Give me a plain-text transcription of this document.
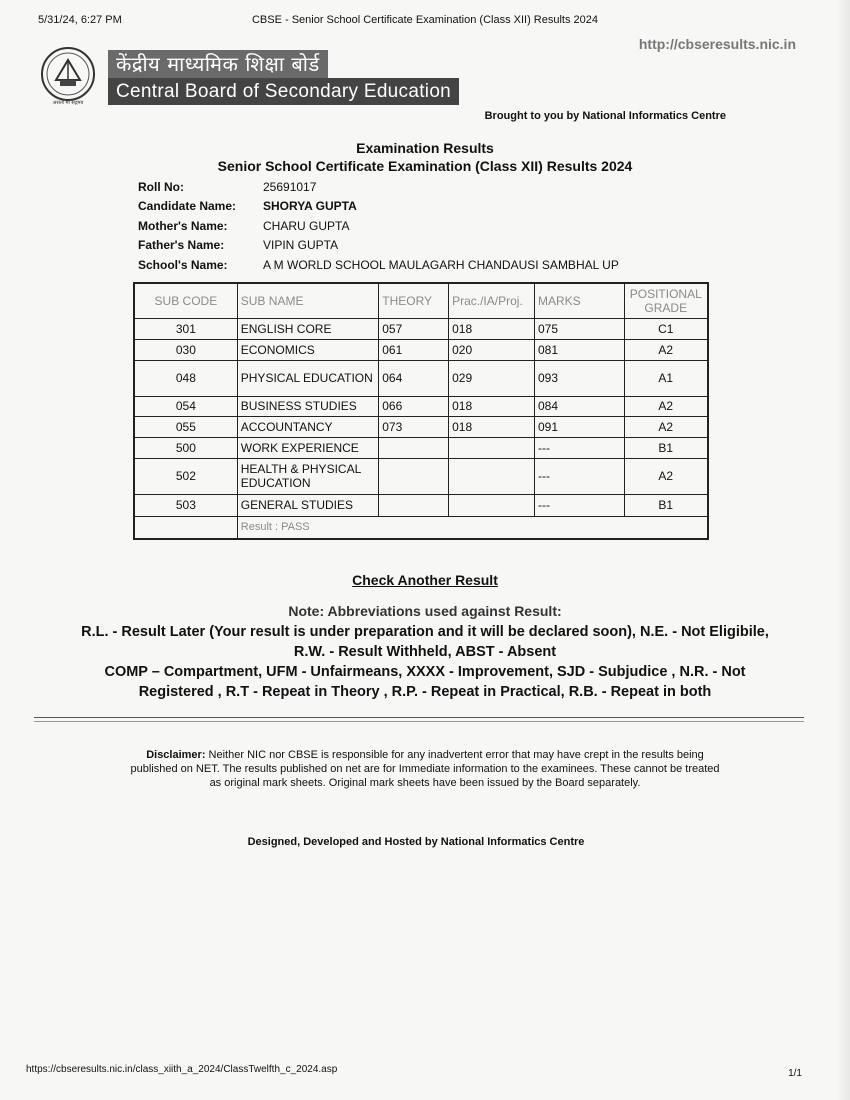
5/31/24, 6:27 PM	CBSE - Senior School Certificate Examination (Class XII) Results 2024
http://cbseresults.nic.in
असतो मा सद्गमय
केंद्रीय माध्यमिक शिक्षा बोर्ड
Central Board of Secondary Education
Brought to you by National Informatics Centre
Examination Results
Senior School Certificate Examination (Class XII) Results 2024
Roll No:	25691017
Candidate Name:	SHORYA GUPTA
Mother's Name:	CHARU GUPTA
Father's Name:	VIPIN GUPTA
School's Name:	A M WORLD SCHOOL MAULAGARH CHANDAUSI SAMBHAL UP
SUB CODE	SUB NAME	THEORY	Prac./IA/Proj.	MARKS	POSITIONAL GRADE
301	ENGLISH CORE	057	018	075	C1
030	ECONOMICS	061	020	081	A2
048	PHYSICAL EDUCATION	064	029	093	A1
054	BUSINESS STUDIES	066	018	084	A2
055	ACCOUNTANCY	073	018	091	A2
500	WORK EXPERIENCE			---	B1
502	HEALTH & PHYSICAL EDUCATION			---	A2
503	GENERAL STUDIES			---	B1
	Result : PASS				
Check Another Result
Note: Abbreviations used against Result:
R.L. - Result Later (Your result is under preparation and it will be declared soon), N.E. - Not Eligibile,
R.W. - Result Withheld, ABST - Absent
COMP – Compartment, UFM - Unfairmeans, XXXX - Improvement, SJD - Subjudice , N.R. - Not
Registered , R.T - Repeat in Theory , R.P. - Repeat in Practical, R.B. - Repeat in both
Disclaimer: Neither NIC nor CBSE is responsible for any inadvertent error that may have crept in the results being published on NET. The results published on net are for Immediate information to the examinees. These cannot be treated as original mark sheets. Original mark sheets have been issued by the Board separately.
Designed, Developed and Hosted by National Informatics Centre
https://cbseresults.nic.in/class_xiith_a_2024/ClassTwelfth_c_2024.asp	1/1
